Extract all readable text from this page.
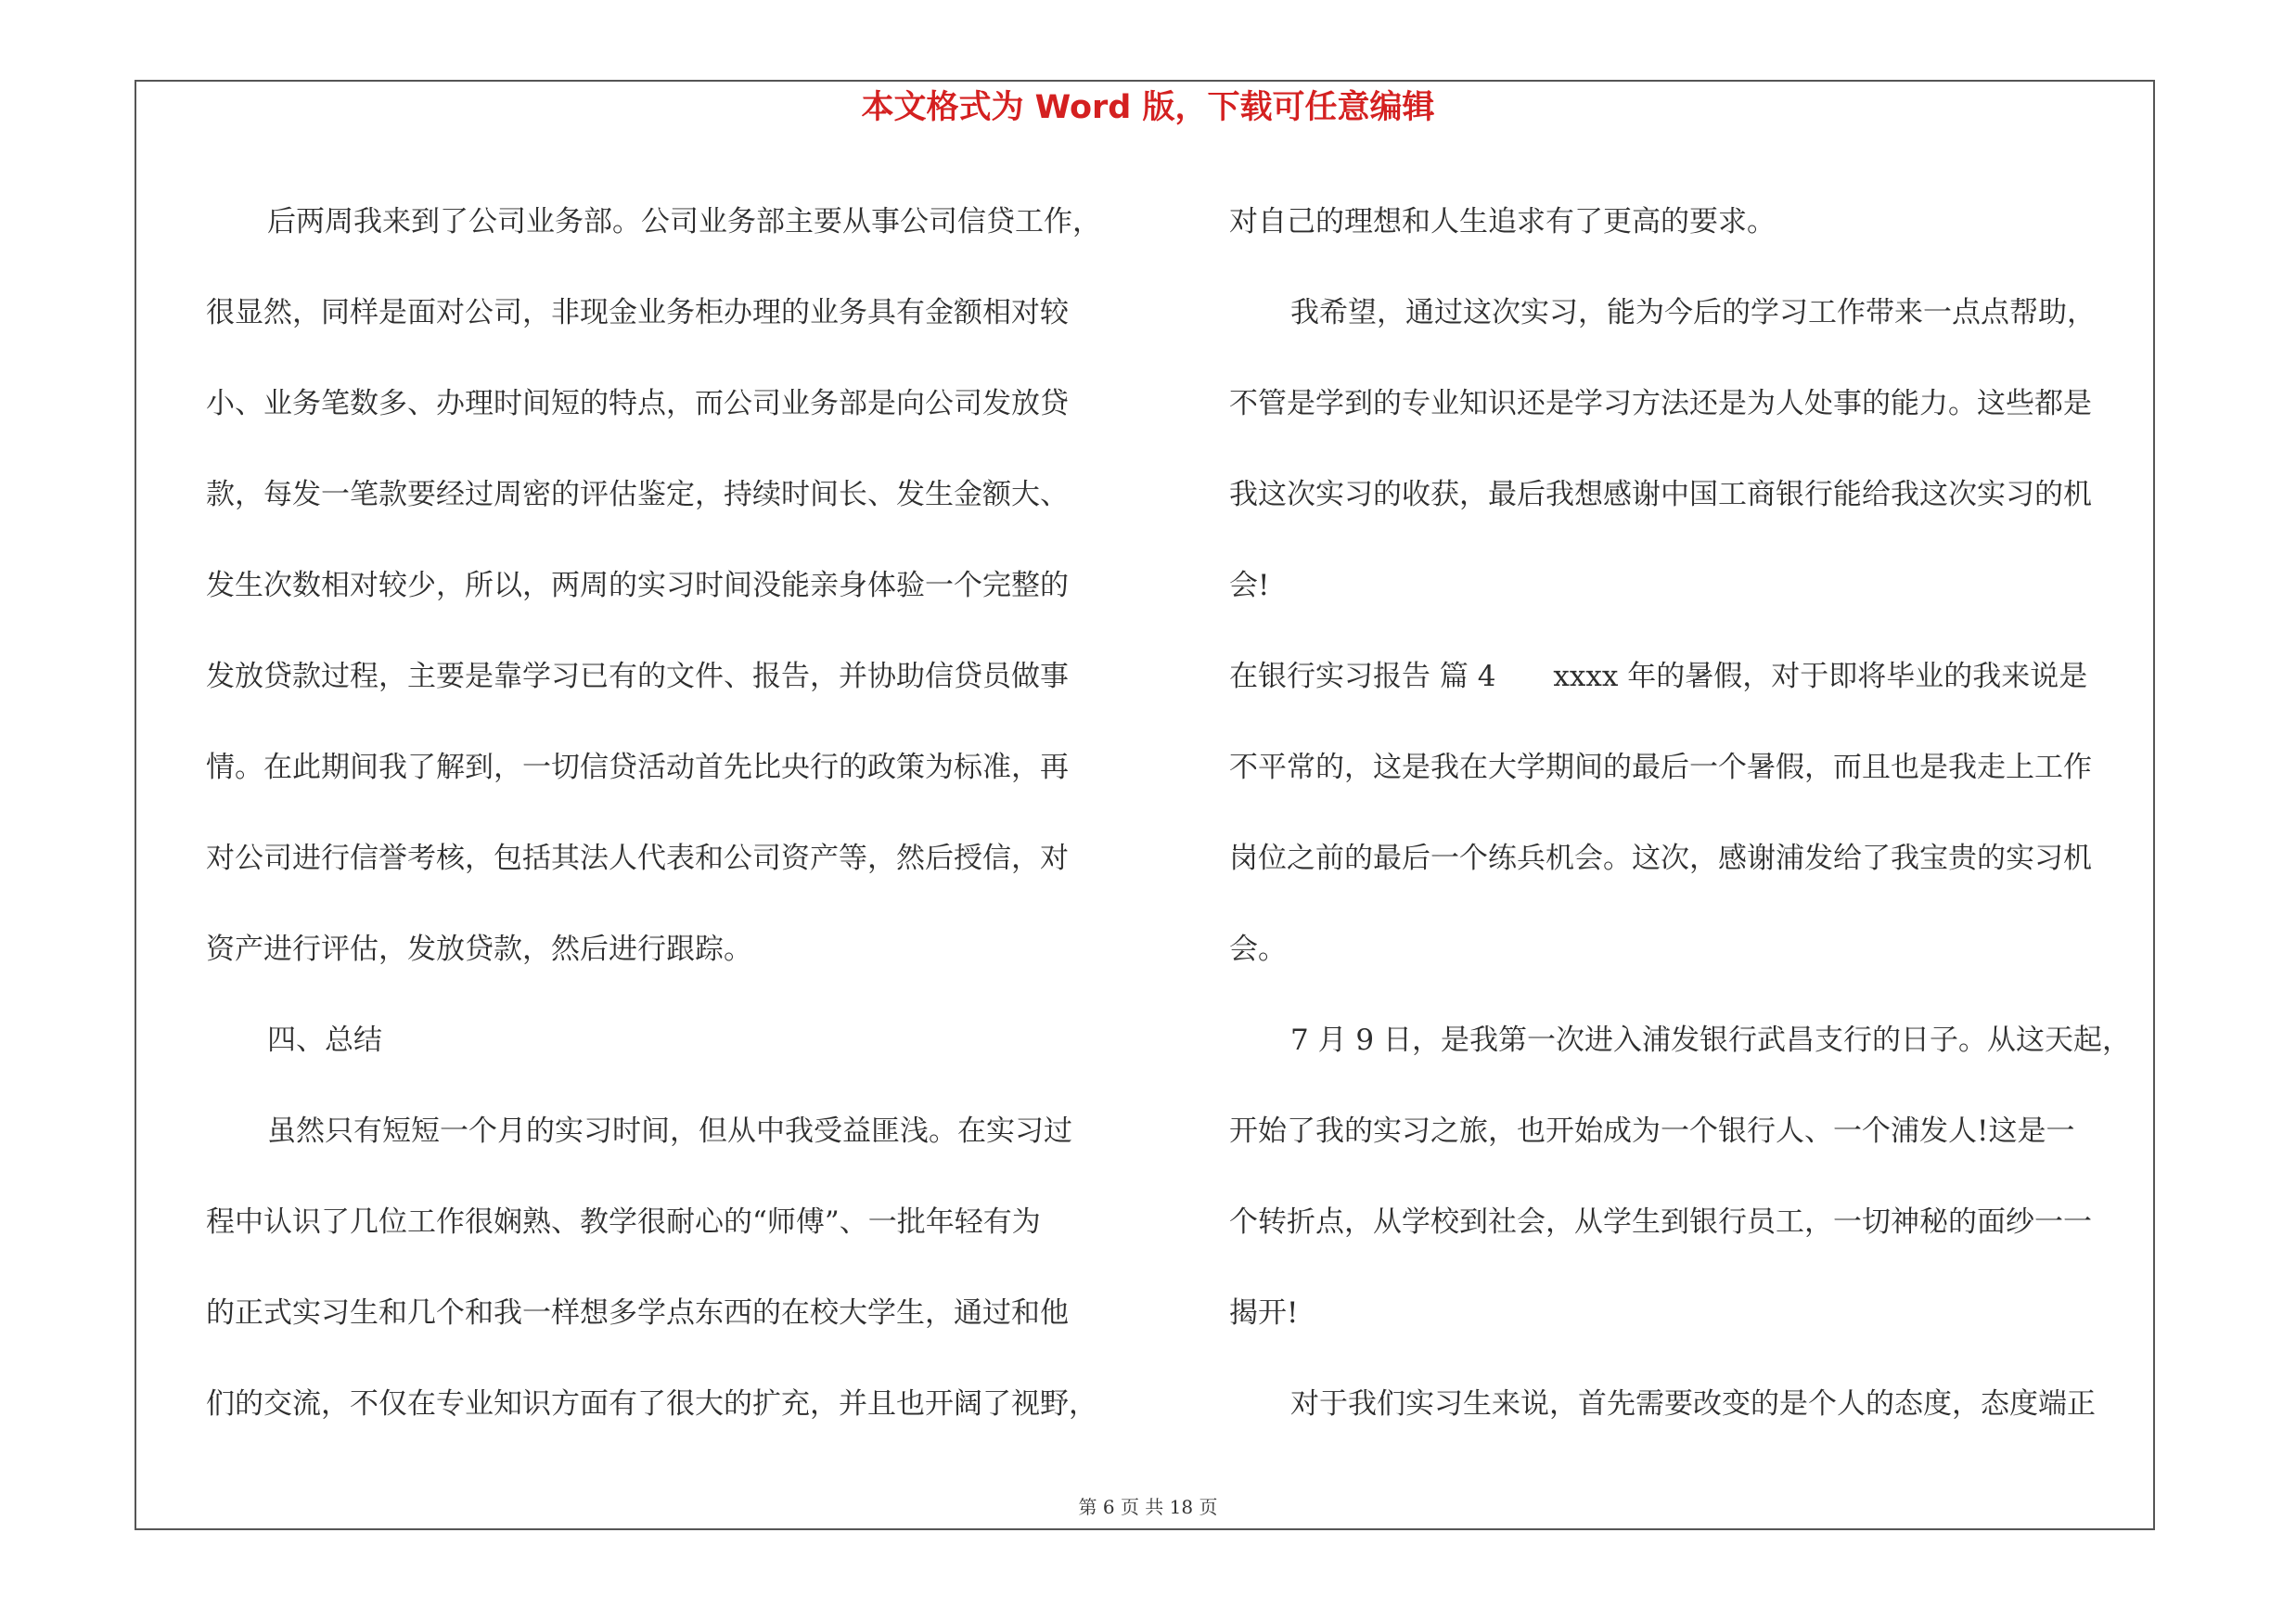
本文格式为 Word 版，下载可任意编辑
后两周我来到了公司业务部。公司业务部主要从事公司信贷工作，
很显然，同样是面对公司，非现金业务柜办理的业务具有金额相对较
小、业务笔数多、办理时间短的特点，而公司业务部是向公司发放贷
款，每发一笔款要经过周密的评估鉴定，持续时间长、发生金额大、
发生次数相对较少，所以，两周的实习时间没能亲身体验一个完整的
发放贷款过程，主要是靠学习已有的文件、报告，并协助信贷员做事
情。在此期间我了解到，一切信贷活动首先比央行的政策为标准，再
对公司进行信誉考核，包括其法人代表和公司资产等，然后授信，对
资产进行评估，发放贷款，然后进行跟踪。
四、总结
虽然只有短短一个月的实习时间，但从中我受益匪浅。在实习过
程中认识了几位工作很娴熟、教学很耐心的“师傅”、一批年轻有为
的正式实习生和几个和我一样想多学点东西的在校大学生，通过和他
们的交流，不仅在专业知识方面有了很大的扩充，并且也开阔了视野，
对自己的理想和人生追求有了更高的要求。
我希望，通过这次实习，能为今后的学习工作带来一点点帮助，
不管是学到的专业知识还是学习方法还是为人处事的能力。这些都是
我这次实习的收获，最后我想感谢中国工商银行能给我这次实习的机
会!
在银行实习报告 篇 4　　xxxx 年的暑假，对于即将毕业的我来说是
不平常的，这是我在大学期间的最后一个暑假，而且也是我走上工作
岗位之前的最后一个练兵机会。这次，感谢浦发给了我宝贵的实习机
会。
7 月 9 日，是我第一次进入浦发银行武昌支行的日子。从这天起，
开始了我的实习之旅，也开始成为一个银行人、一个浦发人!这是一
个转折点，从学校到社会，从学生到银行员工，一切神秘的面纱一一
揭开!
对于我们实习生来说，首先需要改变的是个人的态度，态度端正
第 6 页 共 18 页
